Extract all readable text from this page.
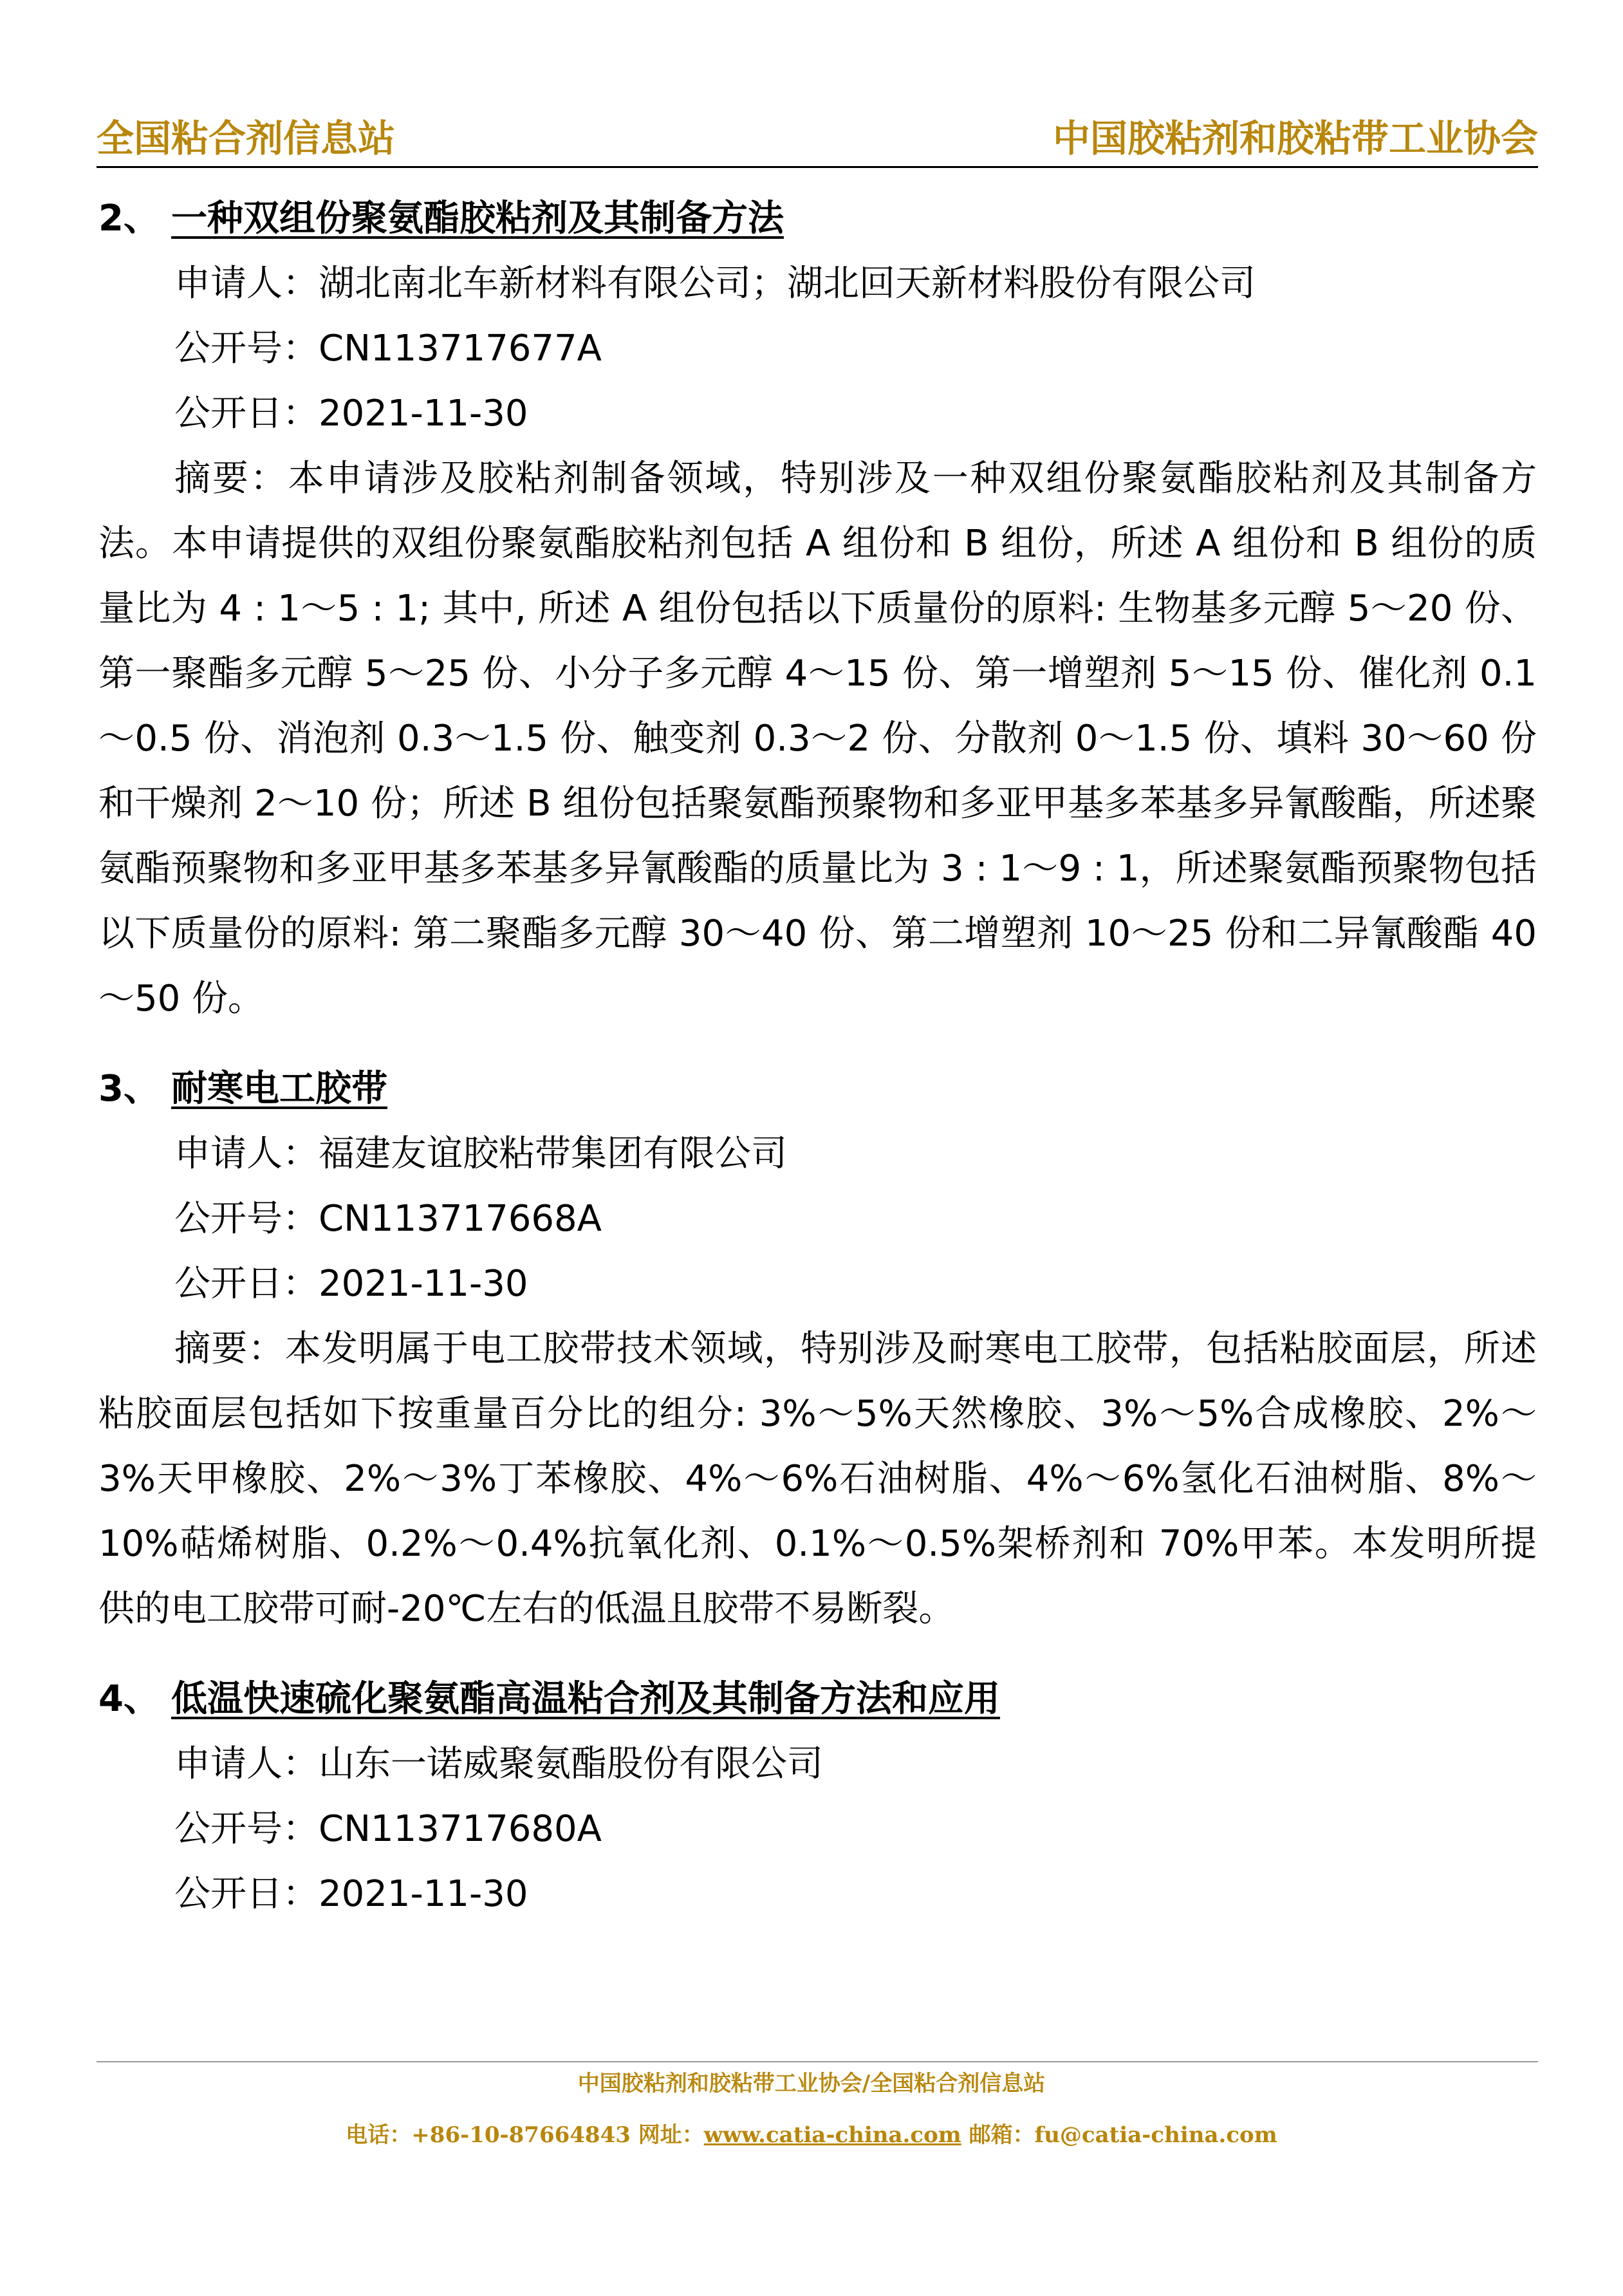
全国粘合剂信息站	中国胶粘剂和胶粘带工业协会
2、 一种双组份聚氨酯胶粘剂及其制备方法
申请人：湖北南北车新材料有限公司；湖北回天新材料股份有限公司
公开号：CN113717677A
公开日：2021-11-30

摘要：本申请涉及胶粘剂制备领域，特别涉及一种双组份聚氨酯胶粘剂及其制备方法。本申请提供的双组份聚氨酯胶粘剂包括 A 组份和 B 组份，所述 A 组份和 B 组份的质量比为 4 : 1～5 : 1; 其中, 所述 A 组份包括以下质量份的原料: 生物基多元醇 5～20 份、第一聚酯多元醇 5～25 份、小分子多元醇 4～15 份、第一增塑剂 5～15 份、催化剂 0.1～0.5 份、消泡剂 0.3～1.5 份、触变剂 0.3～2 份、分散剂 0～1.5 份、填料 30～60 份和干燥剂 2～10 份；所述 B 组份包括聚氨酯预聚物和多亚甲基多苯基多异氰酸酯，所述聚氨酯预聚物和多亚甲基多苯基多异氰酸酯的质量比为 3 : 1～9 : 1，所述聚氨酯预聚物包括以下质量份的原料: 第二聚酯多元醇 30～40 份、第二增塑剂 10～25 份和二异氰酸酯 40～50 份。

3、 耐寒电工胶带
申请人：福建友谊胶粘带集团有限公司
公开号：CN113717668A
公开日：2021-11-30

摘要：本发明属于电工胶带技术领域，特别涉及耐寒电工胶带，包括粘胶面层，所述粘胶面层包括如下按重量百分比的组分: 3%～5%天然橡胶、3%～5%合成橡胶、2%～3%天甲橡胶、2%～3%丁苯橡胶、4%～6%石油树脂、4%～6%氢化石油树脂、8%～10%萜烯树脂、0.2%～0.4%抗氧化剂、0.1%～0.5%架桥剂和 70%甲苯。本发明所提供的电工胶带可耐-20℃左右的低温且胶带不易断裂。

4、 低温快速硫化聚氨酯高温粘合剂及其制备方法和应用
申请人：山东一诺威聚氨酯股份有限公司
公开号：CN113717680A
公开日：2021-11-30
中国胶粘剂和胶粘带工业协会/全国粘合剂信息站
电话：+86-10-87664843 网址：www.catia-china.com 邮箱：fu@catia-china.com
